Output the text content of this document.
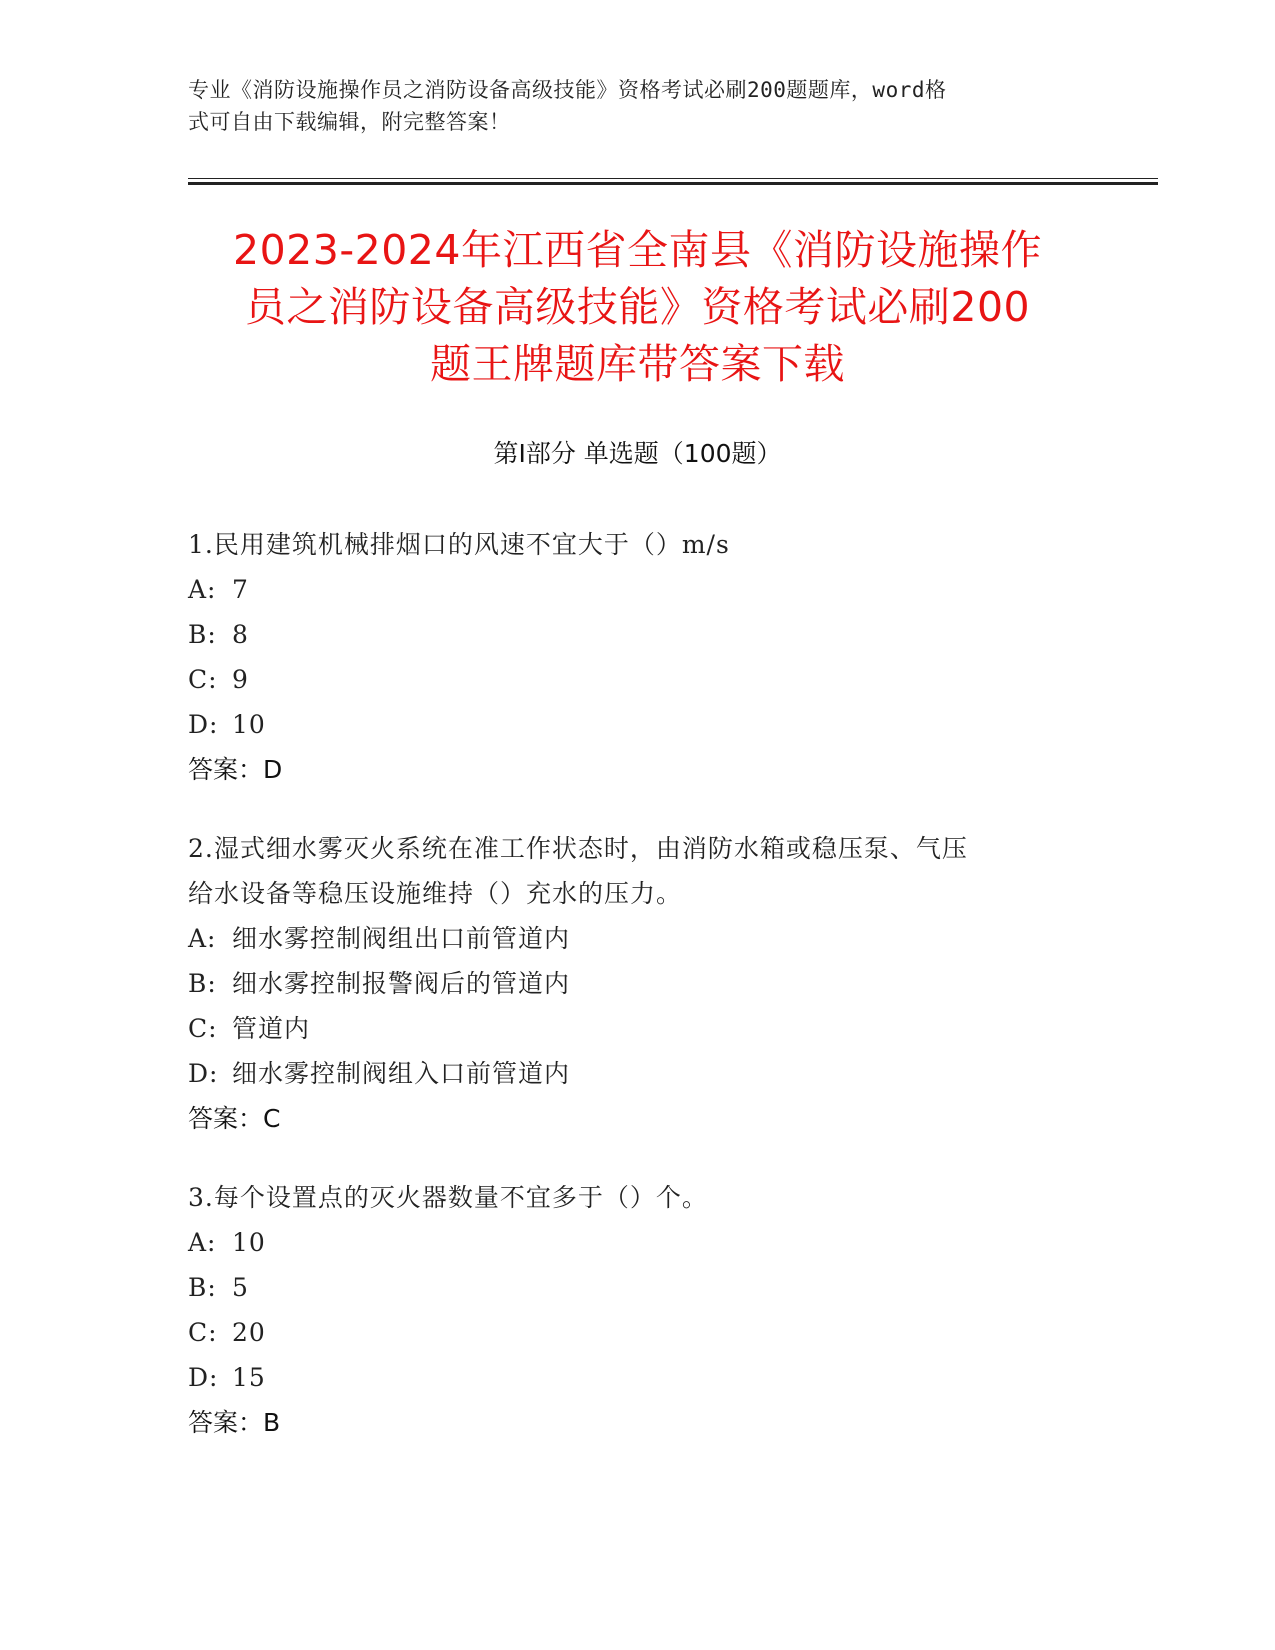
专业《消防设施操作员之消防设备高级技能》资格考试必刷200题题库，word格
式可自由下载编辑，附完整答案！
2023-2024年江西省全南县《消防设施操作
员之消防设备高级技能》资格考试必刷200
题王牌题库带答案下载
第Ⅰ部分 单选题（100题）
1.民用建筑机械排烟口的风速不宜大于（）m/s
A: 7
B: 8
C: 9
D: 10
答案：D
2.湿式细水雾灭火系统在准工作状态时，由消防水箱或稳压泵、气压
给水设备等稳压设施维持（）充水的压力。
A: 细水雾控制阀组出口前管道内
B: 细水雾控制报警阀后的管道内
C: 管道内
D: 细水雾控制阀组入口前管道内
答案：C
3.每个设置点的灭火器数量不宜多于（）个。
A: 10
B: 5
C: 20
D: 15
答案：B
